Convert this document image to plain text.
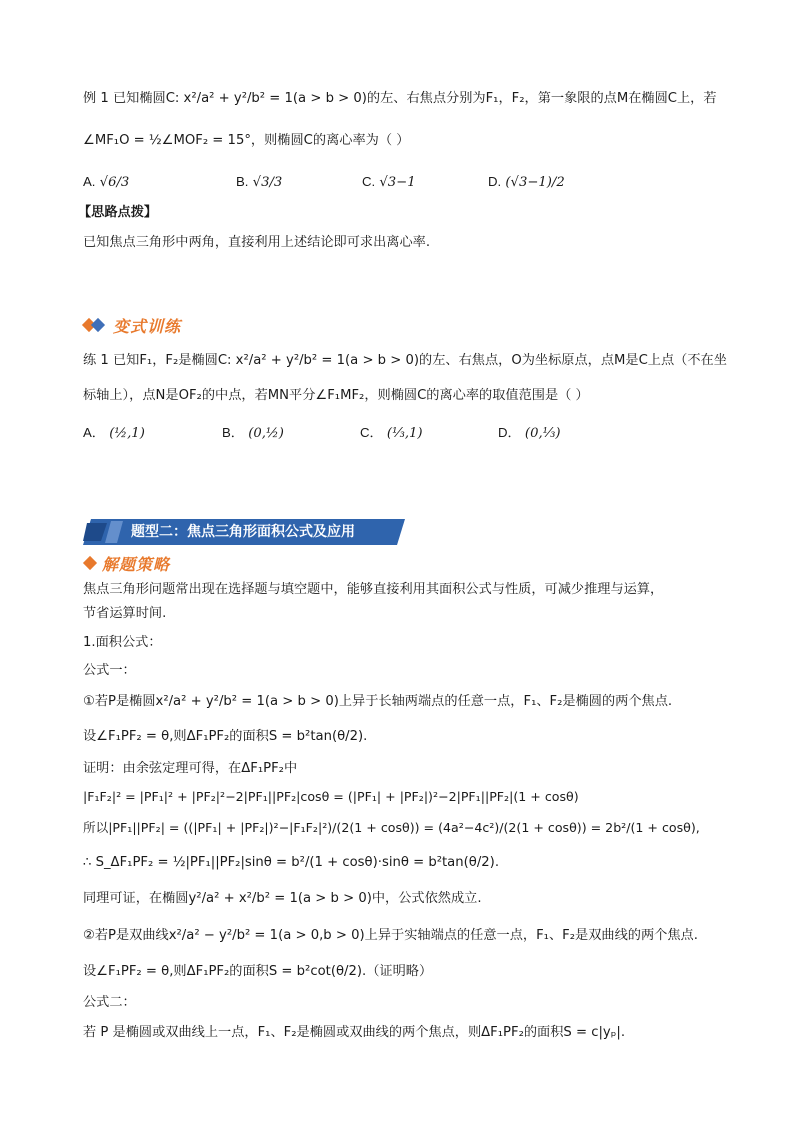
例 1 已知椭圆C: x²/a² + y²/b² = 1(a > b > 0)的左、右焦点分别为F₁，F₂，第一象限的点M在椭圆C上，若
∠MF₁O = ½∠MOF₂ = 15°，则椭圆C的离心率为（ ）
A. √6/3	B. √3/3	C. √3−1	D. (√3−1)/2
【思路点拨】
已知焦点三角形中两角，直接利用上述结论即可求出离心率.
变式训练
练 1 已知F₁，F₂是椭圆C: x²/a² + y²/b² = 1(a > b > 0)的左、右焦点，O为坐标原点，点M是C上点（不在坐
标轴上），点N是OF₂的中点，若MN平分∠F₁MF₂，则椭圆C的离心率的取值范围是（ ）
A． (½,1)	B． (0,½)	C． (⅓,1)	D． (0,⅓)
题型二：焦点三角形面积公式及应用
解题策略
焦点三角形问题常出现在选择题与填空题中，能够直接利用其面积公式与性质，可减少推理与运算，
节省运算时间.
1.面积公式：
公式一：
①若P是椭圆x²/a² + y²/b² = 1(a > b > 0)上异于长轴两端点的任意一点，F₁、F₂是椭圆的两个焦点.
设∠F₁PF₂ = θ,则ΔF₁PF₂的面积S = b²tan(θ/2).
证明：由余弦定理可得，在ΔF₁PF₂中
|F₁F₂|² = |PF₁|² + |PF₂|²−2|PF₁||PF₂|cosθ = (|PF₁| + |PF₂|)²−2|PF₁||PF₂|(1 + cosθ)
所以|PF₁||PF₂| = ((|PF₁| + |PF₂|)²−|F₁F₂|²)/(2(1 + cosθ)) = (4a²−4c²)/(2(1 + cosθ)) = 2b²/(1 + cosθ),
∴ S_ΔF₁PF₂ = ½|PF₁||PF₂|sinθ = b²/(1 + cosθ)·sinθ = b²tan(θ/2).
同理可证，在椭圆y²/a² + x²/b² = 1(a > b > 0)中，公式依然成立.
②若P是双曲线x²/a² − y²/b² = 1(a > 0,b > 0)上异于实轴端点的任意一点，F₁、F₂是双曲线的两个焦点.
设∠F₁PF₂ = θ,则ΔF₁PF₂的面积S = b²cot(θ/2).（证明略）
公式二：
若 P 是椭圆或双曲线上一点，F₁、F₂是椭圆或双曲线的两个焦点，则ΔF₁PF₂的面积S = c|yₚ|.
